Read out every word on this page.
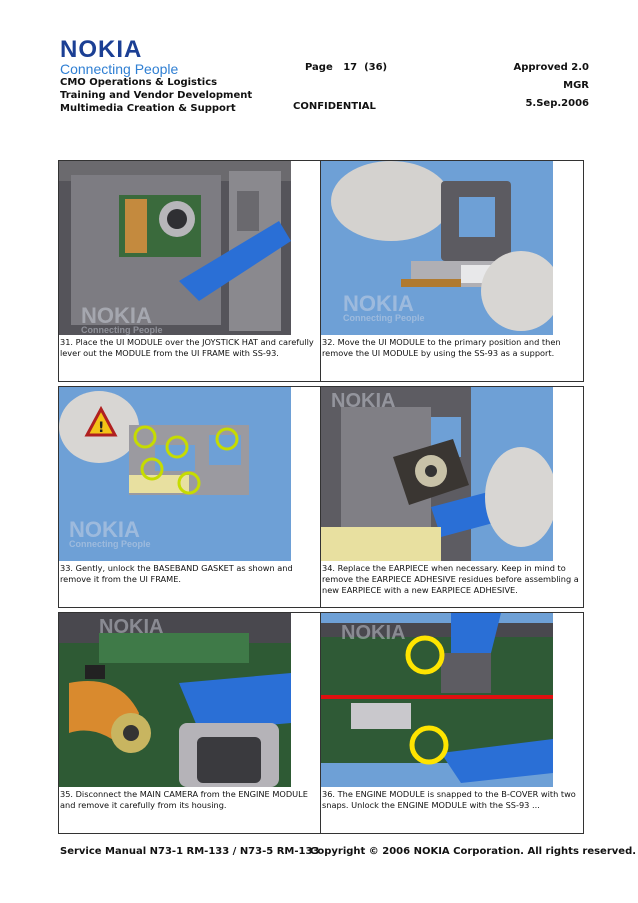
NOKIA
Connecting People
CMO Operations & Logistics
Training and Vendor Development
Multimedia Creation & Support
Page   17  (36)
CONFIDENTIAL
Approved 2.0
MGR
5.Sep.2006
NOKIA
Connecting People
31. Place the UI MODULE over the JOYSTICK HAT and carefully lever out the MODULE from the UI FRAME with SS-93.
NOKIA
Connecting People
32. Move the UI MODULE to the primary position and then remove the UI MODULE by using the SS-93 as a support.
!
NOKIA
Connecting People
33. Gently, unlock the BASEBAND GASKET as shown and remove it from the UI FRAME.
NOKIA
34. Replace the EARPIECE when necessary. Keep in mind to remove the EARPIECE ADHESIVE residues before assembling a new EARPIECE with a new EARPIECE ADHESIVE.
NOKIA
35. Disconnect the MAIN CAMERA from the ENGINE MODULE and remove it carefully from its housing.
NOKIA
36. The ENGINE MODULE is snapped to the B-COVER with two snaps. Unlock the ENGINE MODULE with the SS-93 ...
Service Manual N73-1 RM-133 / N73-5 RM-133
Copyright © 2006 NOKIA Corporation. All rights reserved.
